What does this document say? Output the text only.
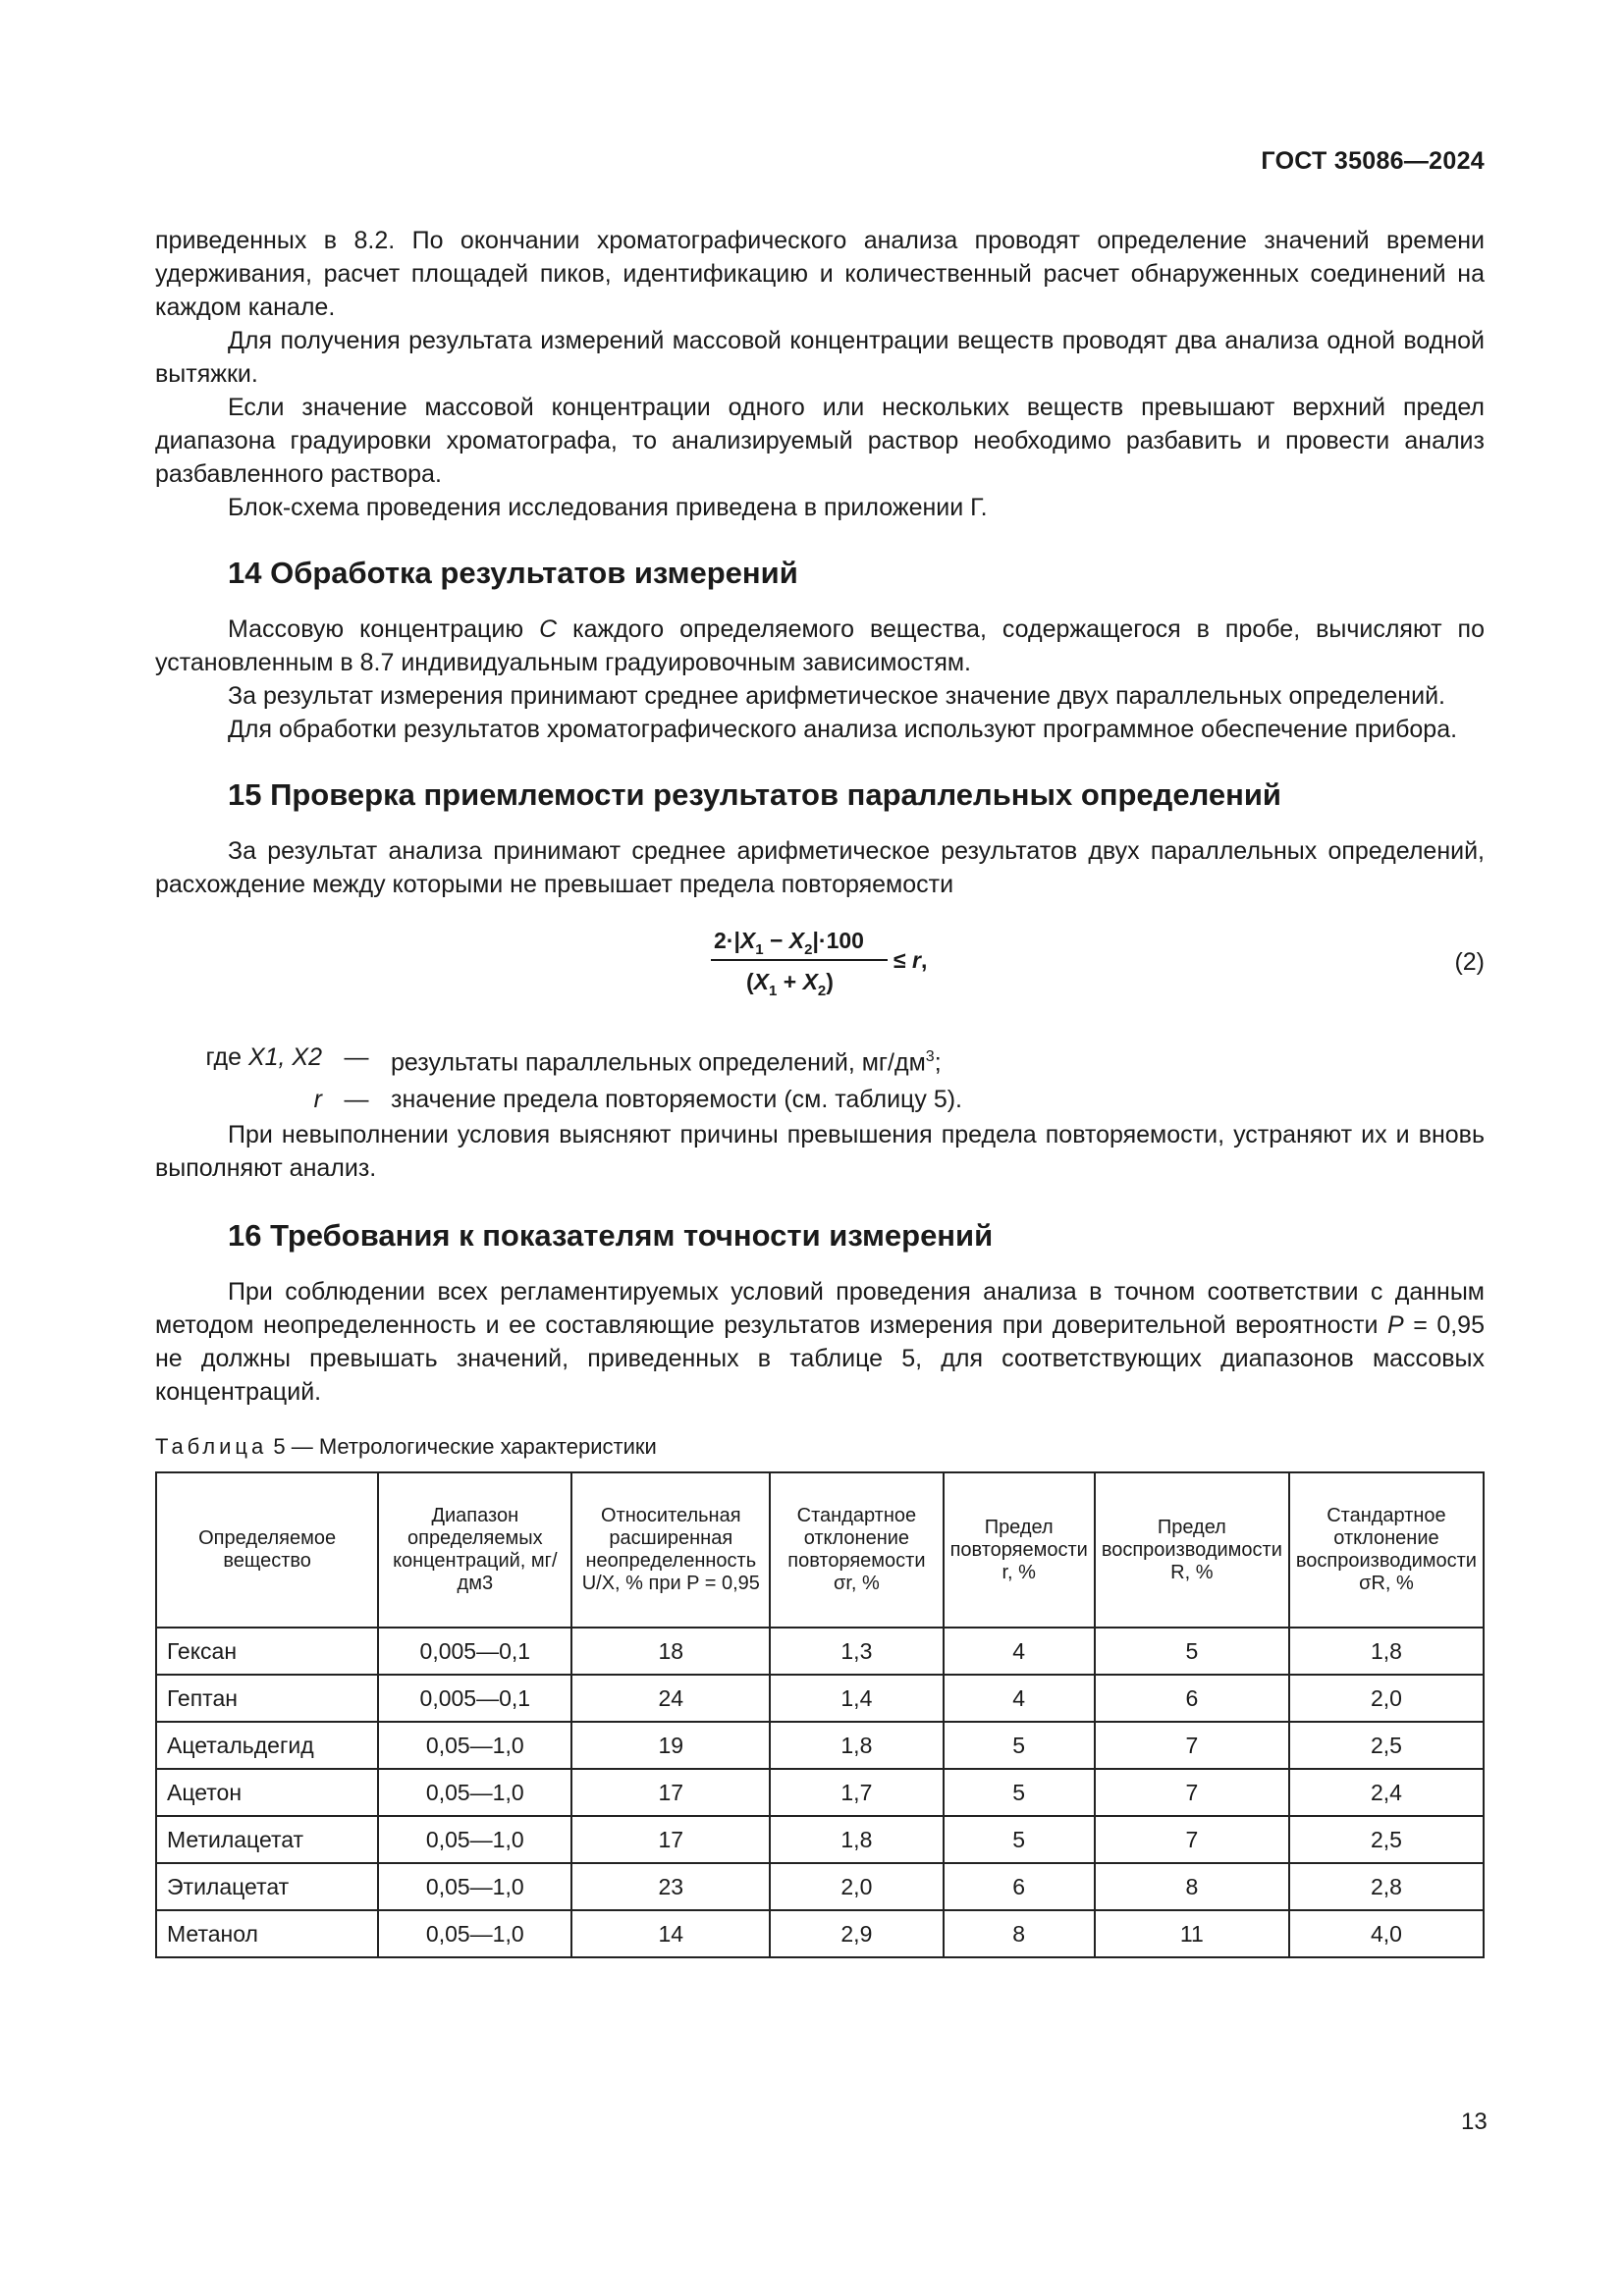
ГОСТ 35086—2024

приведенных в 8.2. По окончании хроматографического анализа проводят определение значений времени удерживания, расчет площадей пиков, идентификацию и количественный расчет обнаруженных соединений на каждом канале.

Для получения результата измерений массовой концентрации веществ проводят два анализа одной водной вытяжки.

Если значение массовой концентрации одного или нескольких веществ превышают верхний предел диапазона градуировки хроматографа, то анализируемый раствор необходимо разбавить и провести анализ разбавленного раствора.

Блок-схема проведения исследования приведена в приложении Г.

14 Обработка результатов измерений

Массовую концентрацию C каждого определяемого вещества, содержащегося в пробе, вычисляют по установленным в 8.7 индивидуальным градуировочным зависимостям.

За результат измерения принимают среднее арифметическое значение двух параллельных определений.

Для обработки результатов хроматографического анализа используют программное обеспечение прибора.

15 Проверка приемлемости результатов параллельных определений

За результат анализа принимают среднее арифметическое результатов двух параллельных определений, расхождение между которыми не превышает предела повторяемости

$2\cdot|X_1 - X_2|\cdot 100$
$(X_1 + X_2)$
≤ r,	(2)
где X1, X2 — результаты параллельных определений, $мг/дм^3$;
r — значение предела повторяемости (см. таблицу 5).

При невыполнении условия выясняют причины превышения предела повторяемости, устраняют их и вновь выполняют анализ.

16 Требования к показателям точности измерений

При соблюдении всех регламентируемых условий проведения анализа в точном соответствии с данным методом неопределенность и ее составляющие результатов измерения при доверительной вероятности P = 0,95 не должны превышать значений, приведенных в таблице 5, для соответствующих диапазонов массовых концентраций.

Таблица 5 — Метрологические характеристики
Определяемое вещество	Диапазон определяемых концентраций, мг/дм3	Относительная расширенная неопределенность U/X, % при P = 0,95	Стандартное отклонение повторяемости σr, %	Предел повторяемости r, %	Предел воспроизводимости R, %	Стандартное отклонение воспроизводимости σR, %
Гексан	0,005—0,1	18	1,3	4	5	1,8
Гептан	0,005—0,1	24	1,4	4	6	2,0
Ацетальдегид	0,05—1,0	19	1,8	5	7	2,5
Ацетон	0,05—1,0	17	1,7	5	7	2,4
Метилацетат	0,05—1,0	17	1,8	5	7	2,5
Этилацетат	0,05—1,0	23	2,0	6	8	2,8
Метанол	0,05—1,0	14	2,9	8	11	4,0
13
